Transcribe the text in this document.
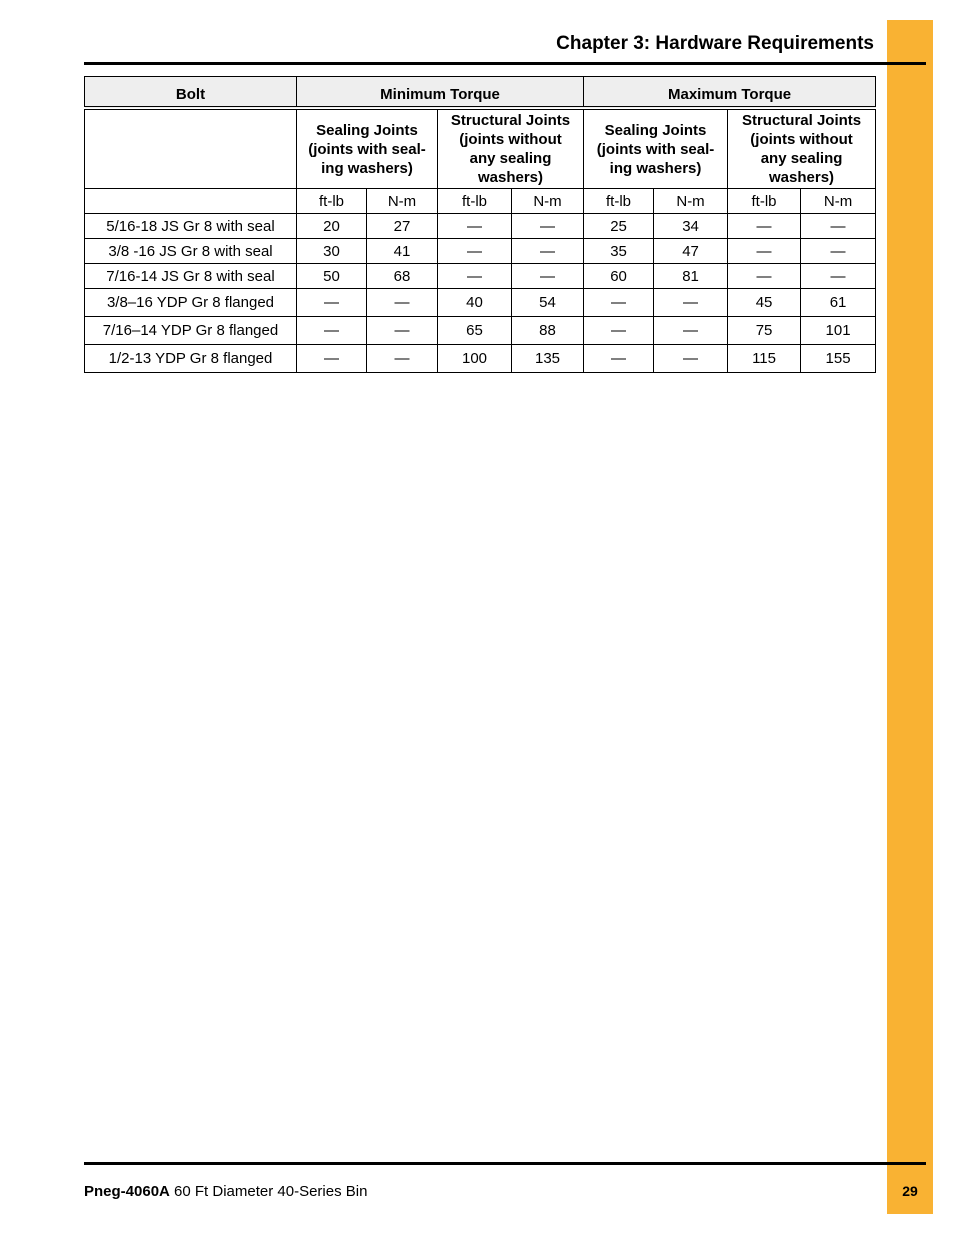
Chapter 3: Hardware Requirements
Bolt	Minimum Torque				Maximum Torque			
	Sealing Joints
(joints with seal-
ing washers)		Structural Joints
(joints without
any sealing
washers)		Sealing Joints
(joints with seal-
ing washers)		Structural Joints
(joints without
any sealing
washers)	
	ft-lb	N-m	ft-lb	N-m	ft-lb	N-m	ft-lb	N-m
5/16-18 JS Gr 8 with seal	20	27	—	—	25	34	—	—
3/8 -16 JS Gr 8 with seal	30	41	—	—	35	47	—	—
7/16-14 JS Gr 8 with seal	50	68	—	—	60	81	—	—
3/8–16 YDP Gr 8 flanged	—	—	40	54	—	—	45	61
7/16–14 YDP Gr 8 flanged	—	—	65	88	—	—	75	101
1/2-13 YDP Gr 8 flanged	—	—	100	135	—	—	115	155
Pneg-4060A 60 Ft Diameter 40-Series Bin	29
